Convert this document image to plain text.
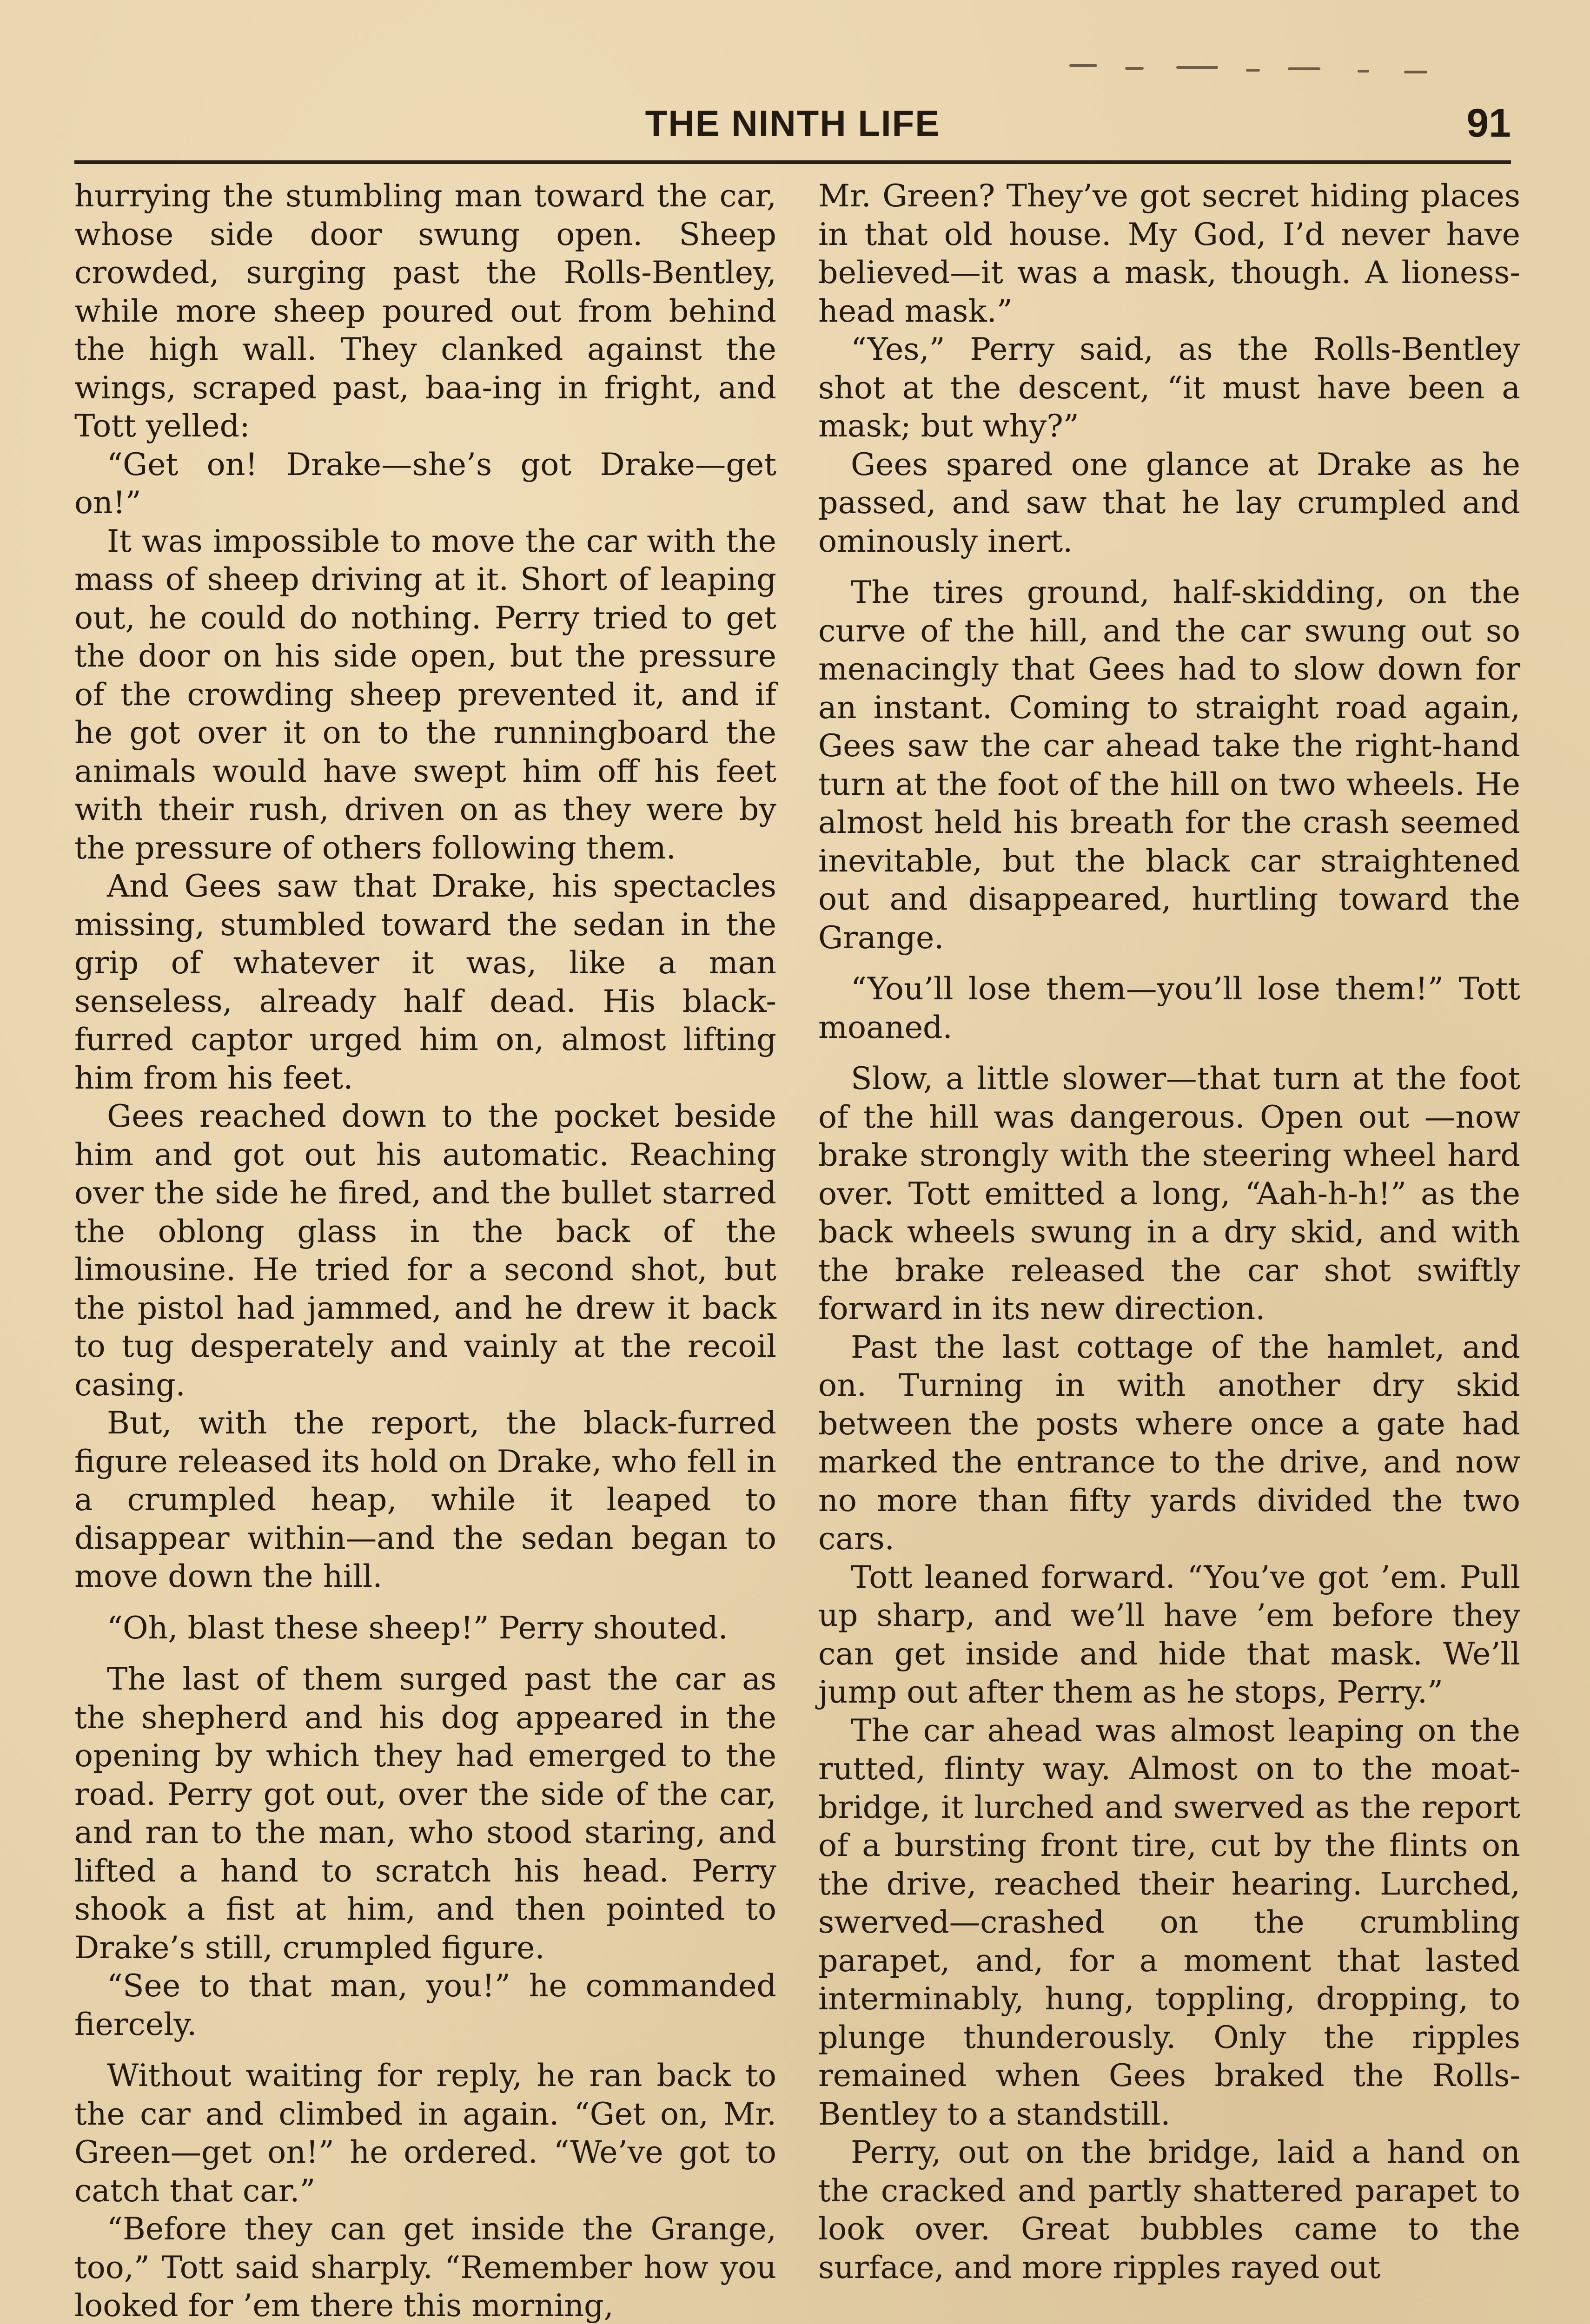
THE NINTH LIFE	91

hurrying the stumbling man toward the car, whose side door swung open. Sheep crowded, surging past the Rolls-Bentley, while more sheep poured out from behind the high wall. They clanked against the wings, scraped past, baa-ing in fright, and Tott yelled:

“Get on! Drake—she’s got Drake—get on!”

It was impossible to move the car with the mass of sheep driving at it. Short of leaping out, he could do nothing. Perry tried to get the door on his side open, but the pressure of the crowding sheep prevented it, and if he got over it on to the runningboard the animals would have swept him off his feet with their rush, driven on as they were by the pressure of others following them.

And Gees saw that Drake, his spectacles missing, stumbled toward the sedan in the grip of whatever it was, like a man senseless, already half dead. His black-furred captor urged him on, almost lifting him from his feet.

Gees reached down to the pocket beside him and got out his automatic. Reaching over the side he fired, and the bullet starred the oblong glass in the back of the limousine. He tried for a second shot, but the pistol had jammed, and he drew it back to tug desperately and vainly at the recoil casing.

But, with the report, the black-furred figure released its hold on Drake, who fell in a crumpled heap, while it leaped to disappear within—and the sedan began to move down the hill.

“Oh, blast these sheep!” Perry shouted.

The last of them surged past the car as the shepherd and his dog appeared in the opening by which they had emerged to the road. Perry got out, over the side of the car, and ran to the man, who stood staring, and lifted a hand to scratch his head. Perry shook a fist at him, and then pointed to Drake’s still, crumpled figure.

“See to that man, you!” he commanded fiercely.

Without waiting for reply, he ran back to the car and climbed in again. “Get on, Mr. Green—get on!” he ordered. “We’ve got to catch that car.”

“Before they can get inside the Grange, too,” Tott said sharply. “Remember how you looked for ’em there this morning,

Mr. Green? They’ve got secret hiding places in that old house. My God, I’d never have believed—it was a mask, though. A lioness-head mask.”

“Yes,” Perry said, as the Rolls-Bentley shot at the descent, “it must have been a mask; but why?”

Gees spared one glance at Drake as he passed, and saw that he lay crumpled and ominously inert.

The tires ground, half-skidding, on the curve of the hill, and the car swung out so menacingly that Gees had to slow down for an instant. Coming to straight road again, Gees saw the car ahead take the right-hand turn at the foot of the hill on two wheels. He almost held his breath for the crash seemed inevitable, but the black car straightened out and disappeared, hurtling toward the Grange.

“You’ll lose them—you’ll lose them!” Tott moaned.

Slow, a little slower—that turn at the foot of the hill was dangerous. Open out —now brake strongly with the steering wheel hard over. Tott emitted a long, “Aah-h-h!” as the back wheels swung in a dry skid, and with the brake released the car shot swiftly forward in its new direction.

Past the last cottage of the hamlet, and on. Turning in with another dry skid between the posts where once a gate had marked the entrance to the drive, and now no more than fifty yards divided the two cars.

Tott leaned forward. “You’ve got ’em. Pull up sharp, and we’ll have ’em before they can get inside and hide that mask. We’ll jump out after them as he stops, Perry.”

The car ahead was almost leaping on the rutted, flinty way. Almost on to the moat-bridge, it lurched and swerved as the report of a bursting front tire, cut by the flints on the drive, reached their hearing. Lurched, swerved—crashed on the crumbling parapet, and, for a moment that lasted interminably, hung, toppling, dropping, to plunge thunderously. Only the ripples remained when Gees braked the Rolls-Bentley to a standstill.

Perry, out on the bridge, laid a hand on the cracked and partly shattered parapet to look over. Great bubbles came to the surface, and more ripples rayed out
